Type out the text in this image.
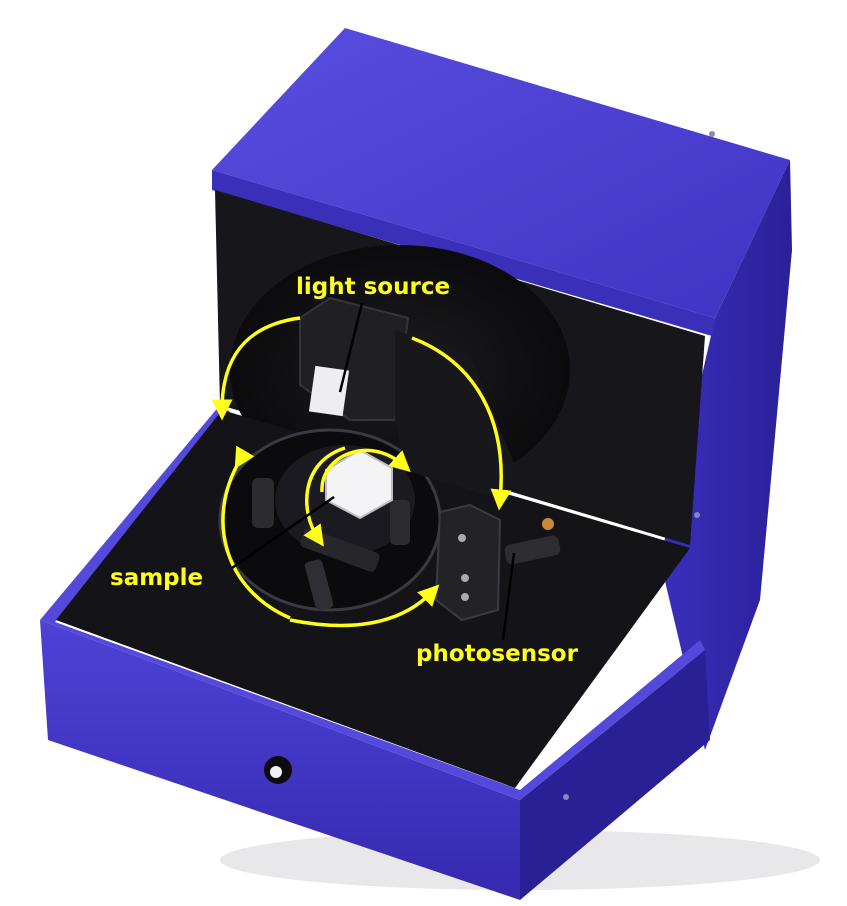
light source
sample
photosensor
